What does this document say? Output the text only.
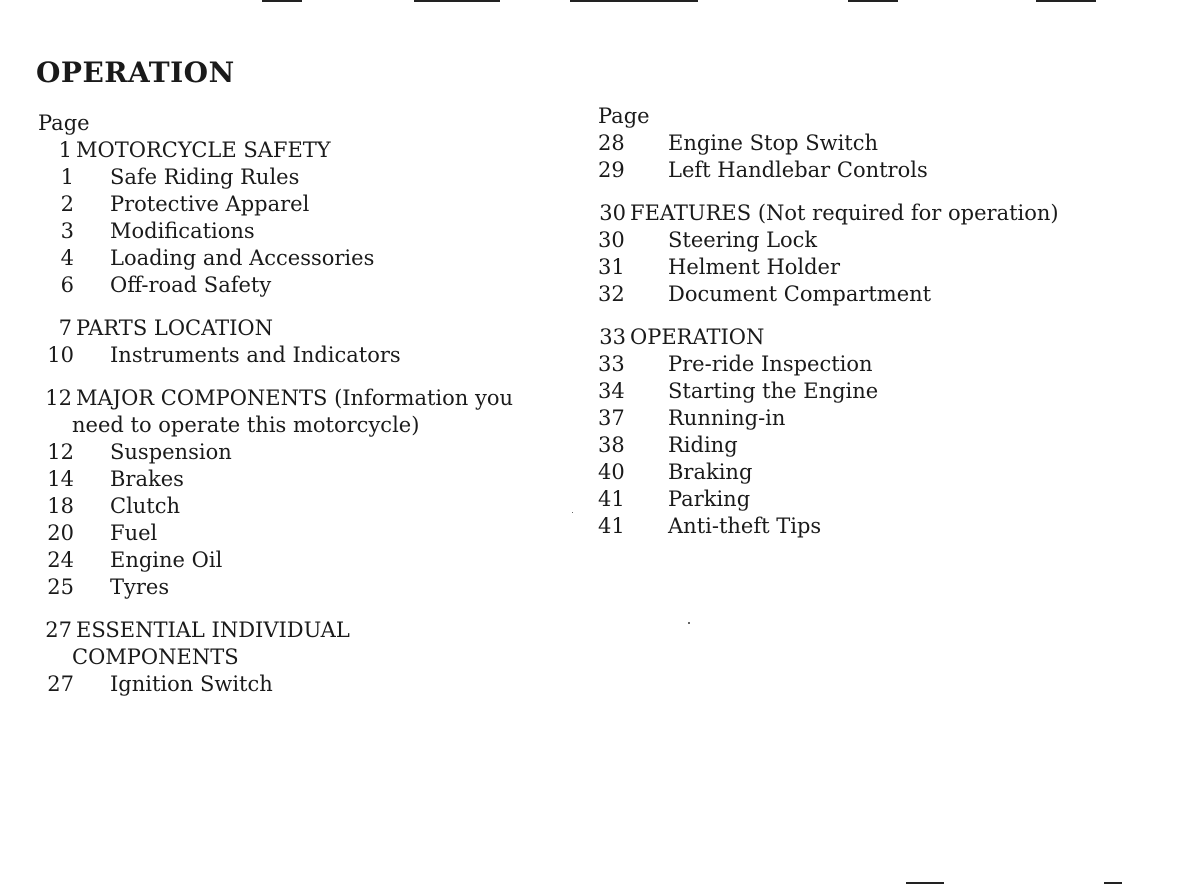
OPERATION
Page
1 MOTORCYCLE SAFETY
1	Safe Riding Rules
2	Protective Apparel
3	Modifications
4	Loading and Accessories
6	Off-road Safety
7 PARTS LOCATION
10	Instruments and Indicators
12 MAJOR COMPONENTS (Information you
need to operate this motorcycle)
12	Suspension
14	Brakes
18	Clutch
20	Fuel
24	Engine Oil
25	Tyres
27 ESSENTIAL INDIVIDUAL
COMPONENTS
27	Ignition Switch
Page
28	Engine Stop Switch
29	Left Handlebar Controls
30 FEATURES (Not required for operation)
30	Steering Lock
31	Helment Holder
32	Document Compartment
33 OPERATION
33	Pre-ride Inspection
34	Starting the Engine
37	Running-in
38	Riding
40	Braking
41	Parking
41	Anti-theft Tips
